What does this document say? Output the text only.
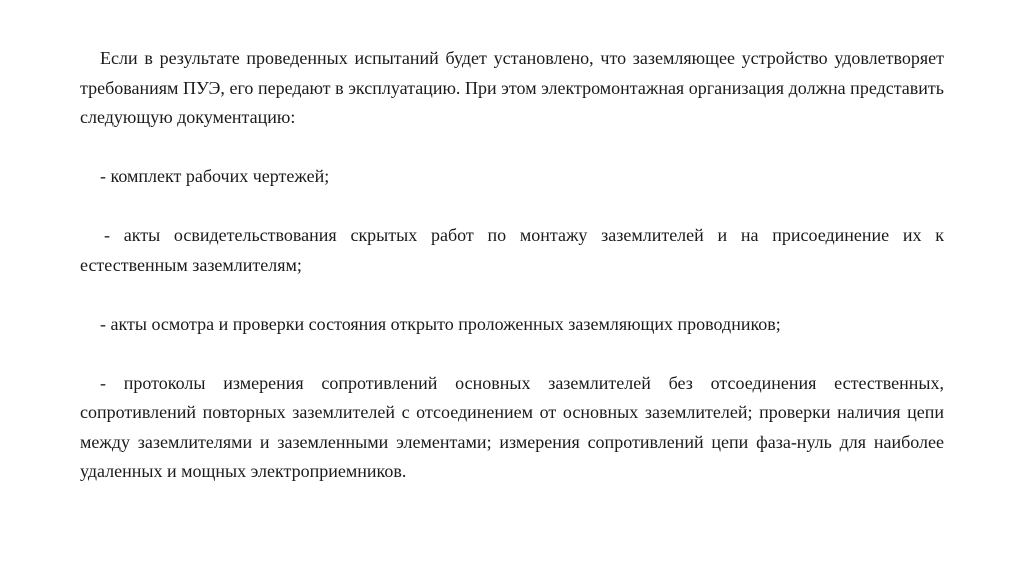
Если в результате проведенных испытаний будет установлено, что заземляющее устройство удовлетворяет требованиям ПУЭ, его передают в эксплуатацию. При этом электромонтажная организация должна представить следующую документацию:

- комплект рабочих чертежей;

- акты освидетельствования скрытых работ по монтажу заземлителей и на присоединение их к естественным заземлителям;

- акты осмотра и проверки состояния открыто проложенных заземляющих проводников;

- протоколы измерения сопротивлений основных заземлителей без отсоединения естественных, сопротивлений повторных заземлителей с отсоединением от основных заземлителей; проверки наличия цепи между заземлителями и заземленными элементами; измерения сопротивлений цепи фаза-нуль для наиболее удаленных и мощных электроприемников.
